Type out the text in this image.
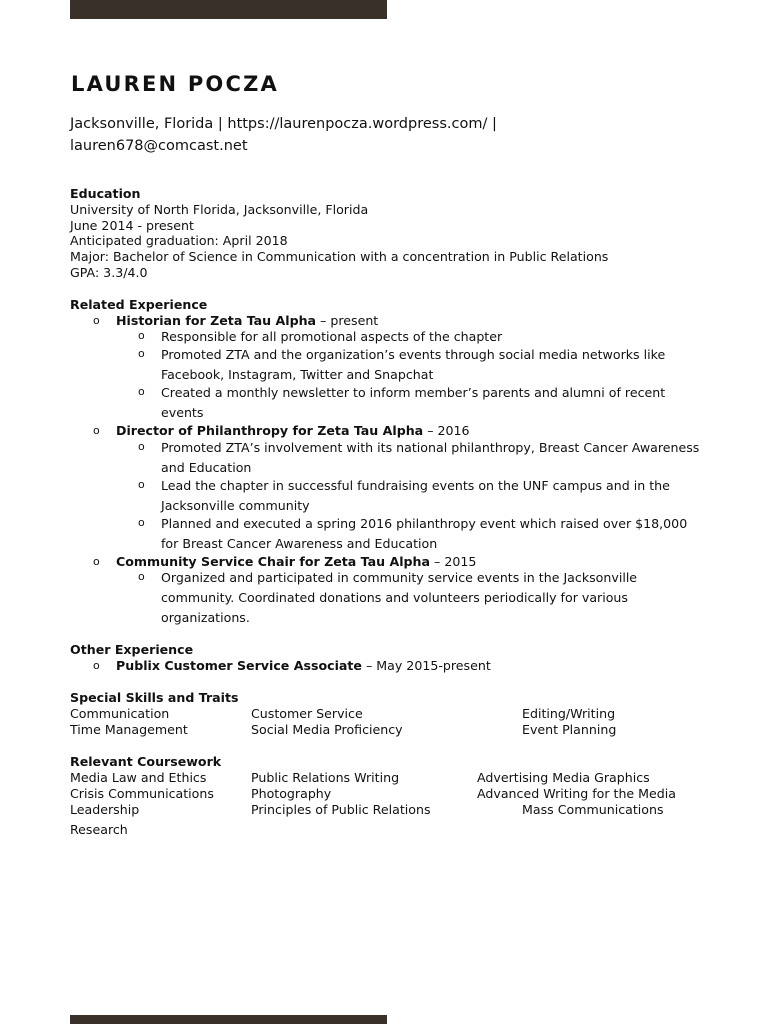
LAUREN POCZA
Jacksonville, Florida | https://laurenpocza.wordpress.com/ |
lauren678@comcast.net
Education
University of North Florida, Jacksonville, Florida
June 2014 - present
Anticipated graduation: April 2018
Major: Bachelor of Science in Communication with a concentration in Public Relations
GPA: 3.3/4.0
Related Experience
o Historian for Zeta Tau Alpha – present
o Responsible for all promotional aspects of the chapter
o Promoted ZTA and the organization’s events through social media networks like Facebook, Instagram, Twitter and Snapchat
o Created a monthly newsletter to inform member’s parents and alumni of recent events
o Director of Philanthropy for Zeta Tau Alpha – 2016
o Promoted ZTA’s involvement with its national philanthropy, Breast Cancer Awareness and Education
o Lead the chapter in successful fundraising events on the UNF campus and in the Jacksonville community
o Planned and executed a spring 2016 philanthropy event which raised over $18,000 for Breast Cancer Awareness and Education
o Community Service Chair for Zeta Tau Alpha – 2015
o Organized and participated in community service events in the Jacksonville community. Coordinated donations and volunteers periodically for various organizations.
Other Experience
o Publix Customer Service Associate – May 2015-present
Special Skills and Traits
Communication	Customer Service	Editing/Writing
Time Management	Social Media Proficiency	Event Planning
Relevant Coursework
Media Law and Ethics	Public Relations Writing	Advertising Media Graphics
Crisis Communications	Photography	Advanced Writing for the Media
Leadership	Principles of Public Relations	Mass Communications
Research
